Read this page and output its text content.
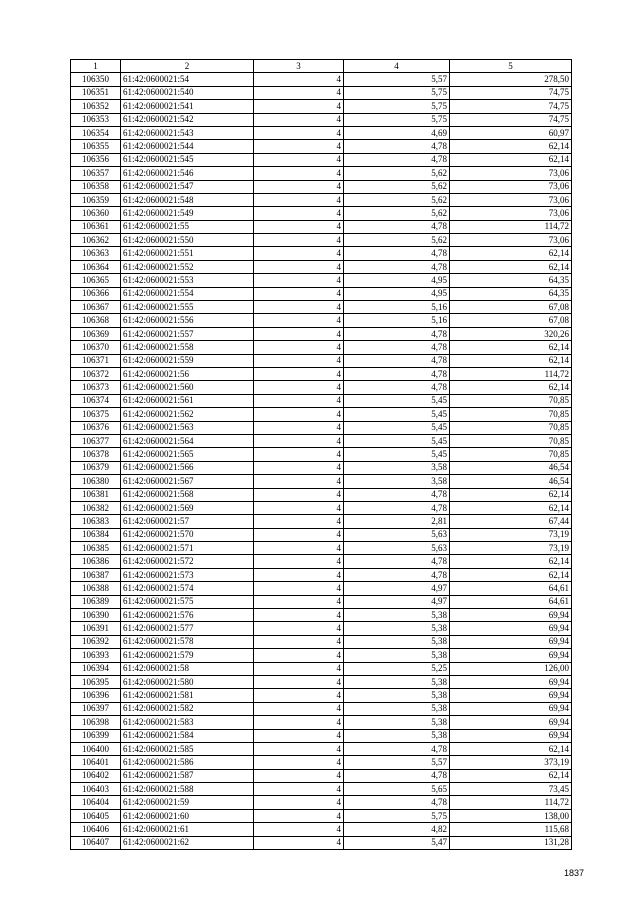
1	2	3	4	5
106350	61:42:0600021:54	4	5,57	278,50
106351	61:42:0600021:540	4	5,75	74,75
106352	61:42:0600021:541	4	5,75	74,75
106353	61:42:0600021:542	4	5,75	74,75
106354	61:42:0600021:543	4	4,69	60,97
106355	61:42:0600021:544	4	4,78	62,14
106356	61:42:0600021:545	4	4,78	62,14
106357	61:42:0600021:546	4	5,62	73,06
106358	61:42:0600021:547	4	5,62	73,06
106359	61:42:0600021:548	4	5,62	73,06
106360	61:42:0600021:549	4	5,62	73,06
106361	61:42:0600021:55	4	4,78	114,72
106362	61:42:0600021:550	4	5,62	73,06
106363	61:42:0600021:551	4	4,78	62,14
106364	61:42:0600021:552	4	4,78	62,14
106365	61:42:0600021:553	4	4,95	64,35
106366	61:42:0600021:554	4	4,95	64,35
106367	61:42:0600021:555	4	5,16	67,08
106368	61:42:0600021:556	4	5,16	67,08
106369	61:42:0600021:557	4	4,78	320,26
106370	61:42:0600021:558	4	4,78	62,14
106371	61:42:0600021:559	4	4,78	62,14
106372	61:42:0600021:56	4	4,78	114,72
106373	61:42:0600021:560	4	4,78	62,14
106374	61:42:0600021:561	4	5,45	70,85
106375	61:42:0600021:562	4	5,45	70,85
106376	61:42:0600021:563	4	5,45	70,85
106377	61:42:0600021:564	4	5,45	70,85
106378	61:42:0600021:565	4	5,45	70,85
106379	61:42:0600021:566	4	3,58	46,54
106380	61:42:0600021:567	4	3,58	46,54
106381	61:42:0600021:568	4	4,78	62,14
106382	61:42:0600021:569	4	4,78	62,14
106383	61:42:0600021:57	4	2,81	67,44
106384	61:42:0600021:570	4	5,63	73,19
106385	61:42:0600021:571	4	5,63	73,19
106386	61:42:0600021:572	4	4,78	62,14
106387	61:42:0600021:573	4	4,78	62,14
106388	61:42:0600021:574	4	4,97	64,61
106389	61:42:0600021:575	4	4,97	64,61
106390	61:42:0600021:576	4	5,38	69,94
106391	61:42:0600021:577	4	5,38	69,94
106392	61:42:0600021:578	4	5,38	69,94
106393	61:42:0600021:579	4	5,38	69,94
106394	61:42:0600021:58	4	5,25	126,00
106395	61:42:0600021:580	4	5,38	69,94
106396	61:42:0600021:581	4	5,38	69,94
106397	61:42:0600021:582	4	5,38	69,94
106398	61:42:0600021:583	4	5,38	69,94
106399	61:42:0600021:584	4	5,38	69,94
106400	61:42:0600021:585	4	4,78	62,14
106401	61:42:0600021:586	4	5,57	373,19
106402	61:42:0600021:587	4	4,78	62,14
106403	61:42:0600021:588	4	5,65	73,45
106404	61:42:0600021:59	4	4,78	114,72
106405	61:42:0600021:60	4	5,75	138,00
106406	61:42:0600021:61	4	4,82	115,68
106407	61:42:0600021:62	4	5,47	131,28
1837
